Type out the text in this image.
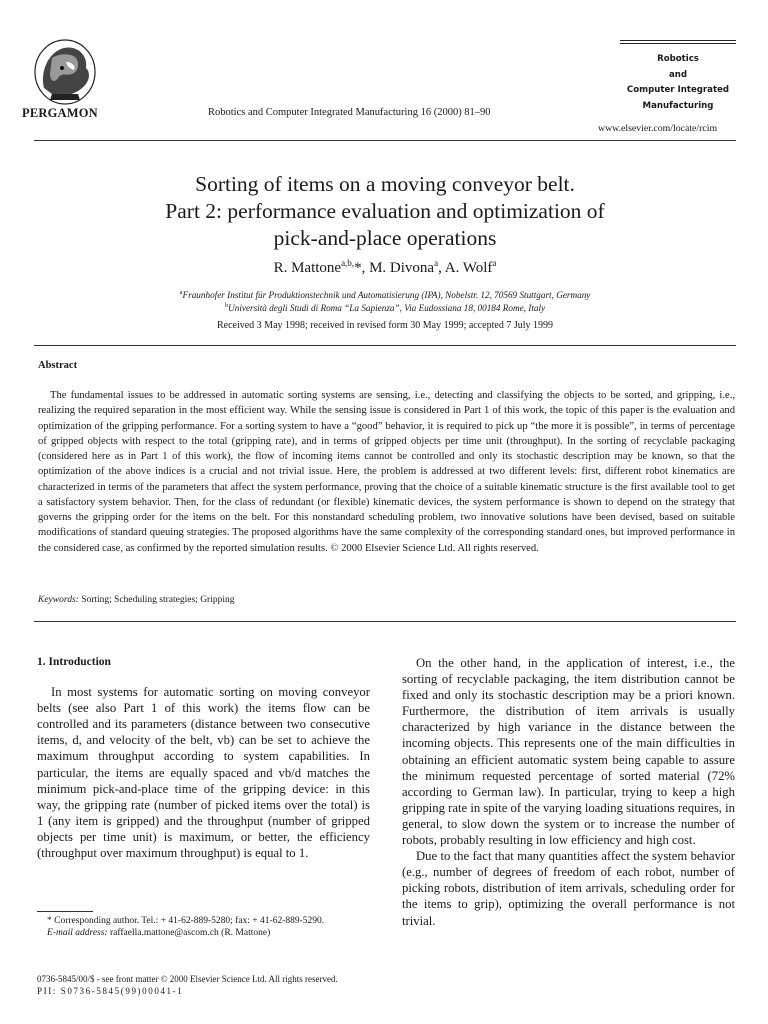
PERGAMON	Robotics and Computer Integrated Manufacturing 16 (2000) 81–90
Robotics
and
Computer Integrated
Manufacturing
www.elsevier.com/locate/rcim
Sorting of items on a moving conveyor belt.
Part 2: performance evaluation and optimization of
pick-and-place operations
R. Mattone$^{a,b,}$*, M. Divona$^a$, A. Wolf$^a$
$^a$Fraunhofer Institut für Produktionstechnik und Automatisierung (IPA), Nobelstr. 12, 70569 Stuttgart, Germany
$^b$Università degli Studi di Roma “La Sapienza”, Via Eudossiana 18, 00184 Rome, Italy
Received 3 May 1998; received in revised form 30 May 1999; accepted 7 July 1999
Abstract
The fundamental issues to be addressed in automatic sorting systems are sensing, i.e., detecting and classifying the objects to be sorted, and gripping, i.e., realizing the required separation in the most efficient way. While the sensing issue is considered in Part 1 of this work, the topic of this paper is the evaluation and optimization of the gripping performance. For a sorting system to have a “good” behavior, it is required to pick up “the more it is possible”, in terms of percentage of gripped objects with respect to the total (gripping rate), and in terms of gripped objects per time unit (throughput). In the sorting of recyclable packaging (considered here as in Part 1 of this work), the flow of incoming items cannot be controlled and only its stochastic description may be known, so that the optimization of the above indices is a crucial and not trivial issue. Here, the problem is addressed at two different levels: first, different robot kinematics are characterized in terms of the parameters that affect the system performance, proving that the choice of a suitable kinematic structure is the first available tool to get a satisfactory system behavior. Then, for the class of redundant (or flexible) kinematic devices, the system performance is shown to depend on the strategy that governs the gripping order for the items on the belt. For this nonstandard scheduling problem, two innovative solutions have been devised, based on suitable modifications of standard queuing strategies. The proposed algorithms have the same complexity of the corresponding standard ones, but improved performance in the considered case, as confirmed by the reported simulation results. © 2000 Elsevier Science Ltd. All rights reserved.
Keywords: Sorting; Scheduling strategies; Gripping
1. Introduction

In most systems for automatic sorting on moving conveyor belts (see also Part 1 of this work) the items flow can be controlled and its parameters (distance between two consecutive items, d, and velocity of the belt, vb) can be set to achieve the maximum throughput according to system capabilities. In particular, the items are equally spaced and vb/d matches the minimum pick-and-place time of the gripping device: in this way, the gripping rate (number of picked items over the total) is 1 (any item is gripped) and the throughput (number of gripped objects per time unit) is maximum, or better, the efficiency (throughput over maximum throughput) is equal to 1.

On the other hand, in the application of interest, i.e., the sorting of recyclable packaging, the item distribution cannot be fixed and only its stochastic description may be a priori known. Furthermore, the distribution of item arrivals is usually characterized by high variance in the distance between the incoming objects. This represents one of the main difficulties in obtaining an efficient automatic system being capable to assure the minimum requested percentage of sorted material (72% according to German law). In particular, trying to keep a high gripping rate in spite of the varying loading situations requires, in general, to slow down the system or to increase the number of robots, probably resulting in low efficiency and high cost.

Due to the fact that many quantities affect the system behavior (e.g., number of degrees of freedom of each robot, number of picking robots, distribution of item arrivals, scheduling order for the items to grip), optimizing the overall performance is not trivial.

* Corresponding author. Tel.: + 41-62-889-5280; fax: + 41-62-889-5290.

E-mail address: raffaella.mattone@ascom.ch (R. Mattone)

0736-5845/00/$ - see front matter © 2000 Elsevier Science Ltd. All rights reserved.
PII: S0736-5845(99)00041-1
